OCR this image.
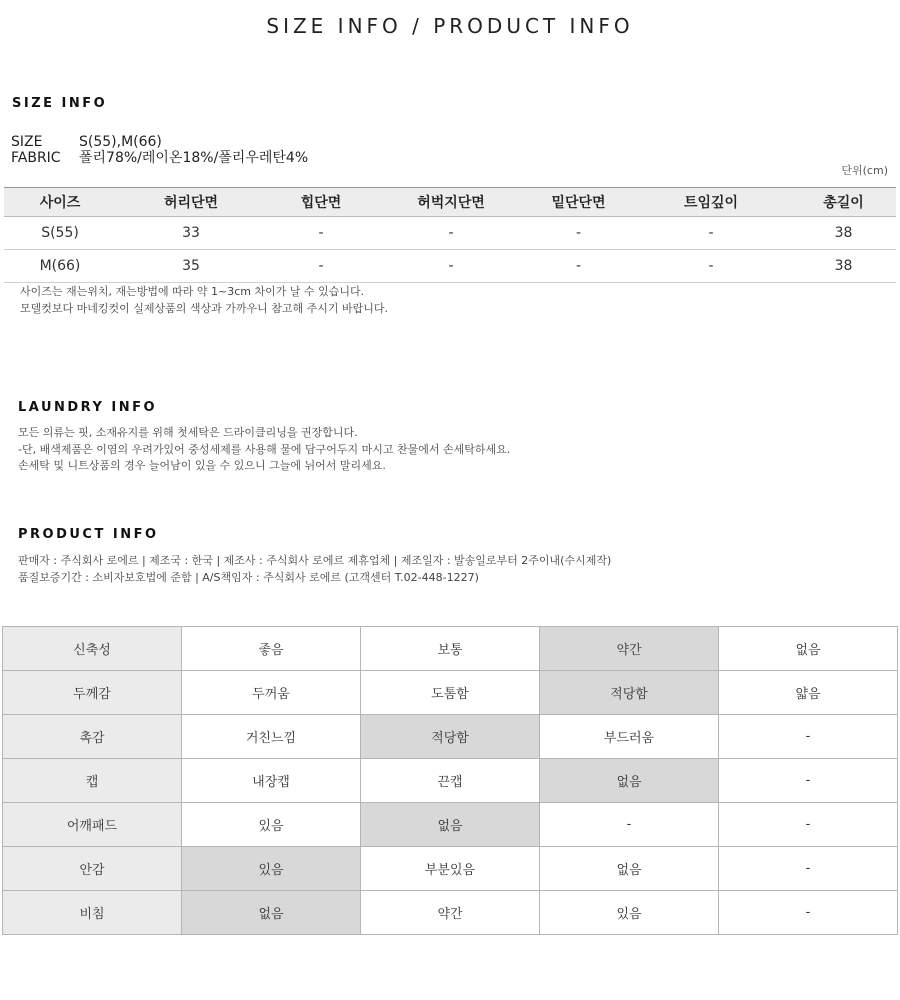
SIZE INFO / PRODUCT INFO
SIZE INFO
SIZE	S(55),M(66)
FABRIC 폴리78%/레이온18%/폴리우레탄4%
단위(cm)
사이즈	허리단면	힙단면	허벅지단면	밑단단면	트임깊이	총길이
S(55)	33	-	-	-	-	38
M(66)	35	-	-	-	-	38
사이즈는 재는위치, 재는방법에 따라 약 1~3cm 차이가 날 수 있습니다.
모델컷보다 마네킹컷이 실제상품의 색상과 가까우니 참고해 주시기 바랍니다.
LAUNDRY INFO
모든 의류는 핏, 소재유지를 위해 첫세탁은 드라이클리닝을 권장합니다.
-단, 배색제품은 이염의 우려가있어 중성세제를 사용해 물에 담구어두지 마시고 찬물에서 손세탁하세요.
손세탁 및 니트상품의 경우 늘어남이 있을 수 있으니 그늘에 뉘어서 말리세요.
PRODUCT INFO
판매자 : 주식회사 로에르 | 제조국 : 한국 | 제조사 : 주식회사 로에르 제휴업체 | 제조일자 : 발송일로부터 2주이내(수시제작)
품질보증기간 : 소비자보호법에 준함 | A/S책임자 : 주식회사 로에르 (고객센터 T.02-448-1227)
신축성	좋음	보통	약간	없음
두께감	두꺼움	도톰함	적당함	얇음
촉감	거친느낌	적당함	부드러움	-
캡	내장캡	끈캡	없음	-
어깨패드	있음	없음	-	-
안감	있음	부분있음	없음	-
비침	없음	약간	있음	-
